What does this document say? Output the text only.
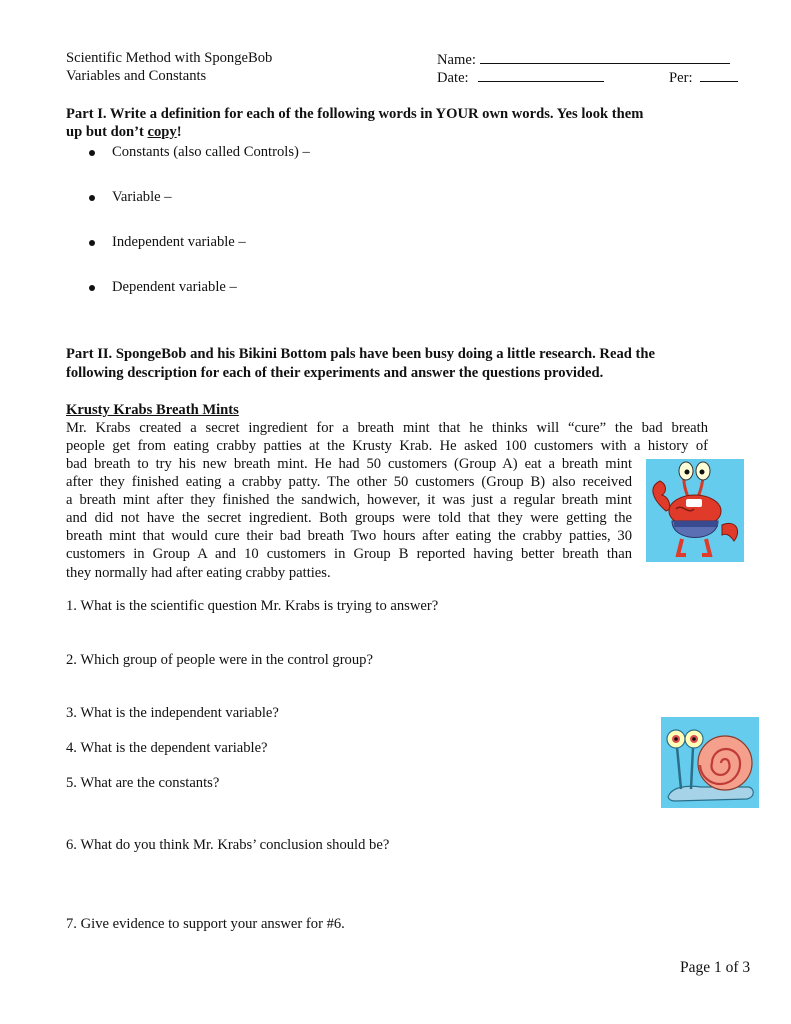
Scientific Method with SpongeBob
Variables and Constants
Name:
Date:	Per:
Part I. Write a definition for each of the following words in YOUR own words. Yes look them
up but don’t copy!
Constants (also called Controls) –
Variable –
Independent variable –
Dependent variable –
Part II. SpongeBob and his Bikini Bottom pals have been busy doing a little research. Read the
following description for each of their experiments and answer the questions provided.
Krusty Krabs Breath Mints
Mr. Krabs created a secret ingredient for a breath mint that he thinks will “cure” the bad breath
people get from eating crabby patties at the Krusty Krab. He asked 100 customers with a history of
bad breath to try his new breath mint. He had 50 customers (Group A) eat a breath mint
after they finished eating a crabby patty. The other 50 customers (Group B) also received
a breath mint after they finished the sandwich, however, it was just a regular breath mint
and did not have the secret ingredient. Both groups were told that they were getting the
breath mint that would cure their bad breath Two hours after eating the crabby patties, 30
customers in Group A and 10 customers in Group B reported having better breath than
they normally had after eating crabby patties.
1. What is the scientific question Mr. Krabs is trying to answer?
2. Which group of people were in the control group?
3. What is the independent variable?
4. What is the dependent variable?
5. What are the constants?
6. What do you think Mr. Krabs’ conclusion should be?
7. Give evidence to support your answer for #6.
Page 1 of 3
